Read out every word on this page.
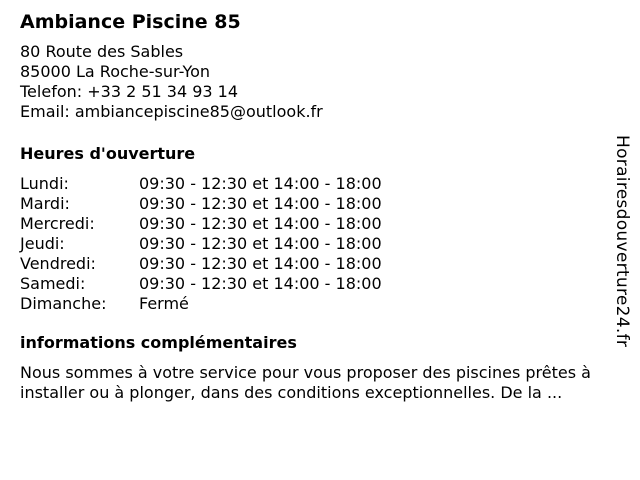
Ambiance Piscine 85
80 Route des Sables
85000 La Roche-sur-Yon
Telefon: +33 2 51 34 93 14
Email: ambiancepiscine85@outlook.fr
Heures d'ouverture
Lundi:	09:30 - 12:30 et 14:00 - 18:00
Mardi:	09:30 - 12:30 et 14:00 - 18:00
Mercredi:	09:30 - 12:30 et 14:00 - 18:00
Jeudi:	09:30 - 12:30 et 14:00 - 18:00
Vendredi:	09:30 - 12:30 et 14:00 - 18:00
Samedi:	09:30 - 12:30 et 14:00 - 18:00
Dimanche:	Fermé
informations complémentaires
Nous sommes à votre service pour vous proposer des piscines prêtes à installer ou à plonger, dans des conditions exceptionnelles. De la ...
Horairesdouverture24.fr
